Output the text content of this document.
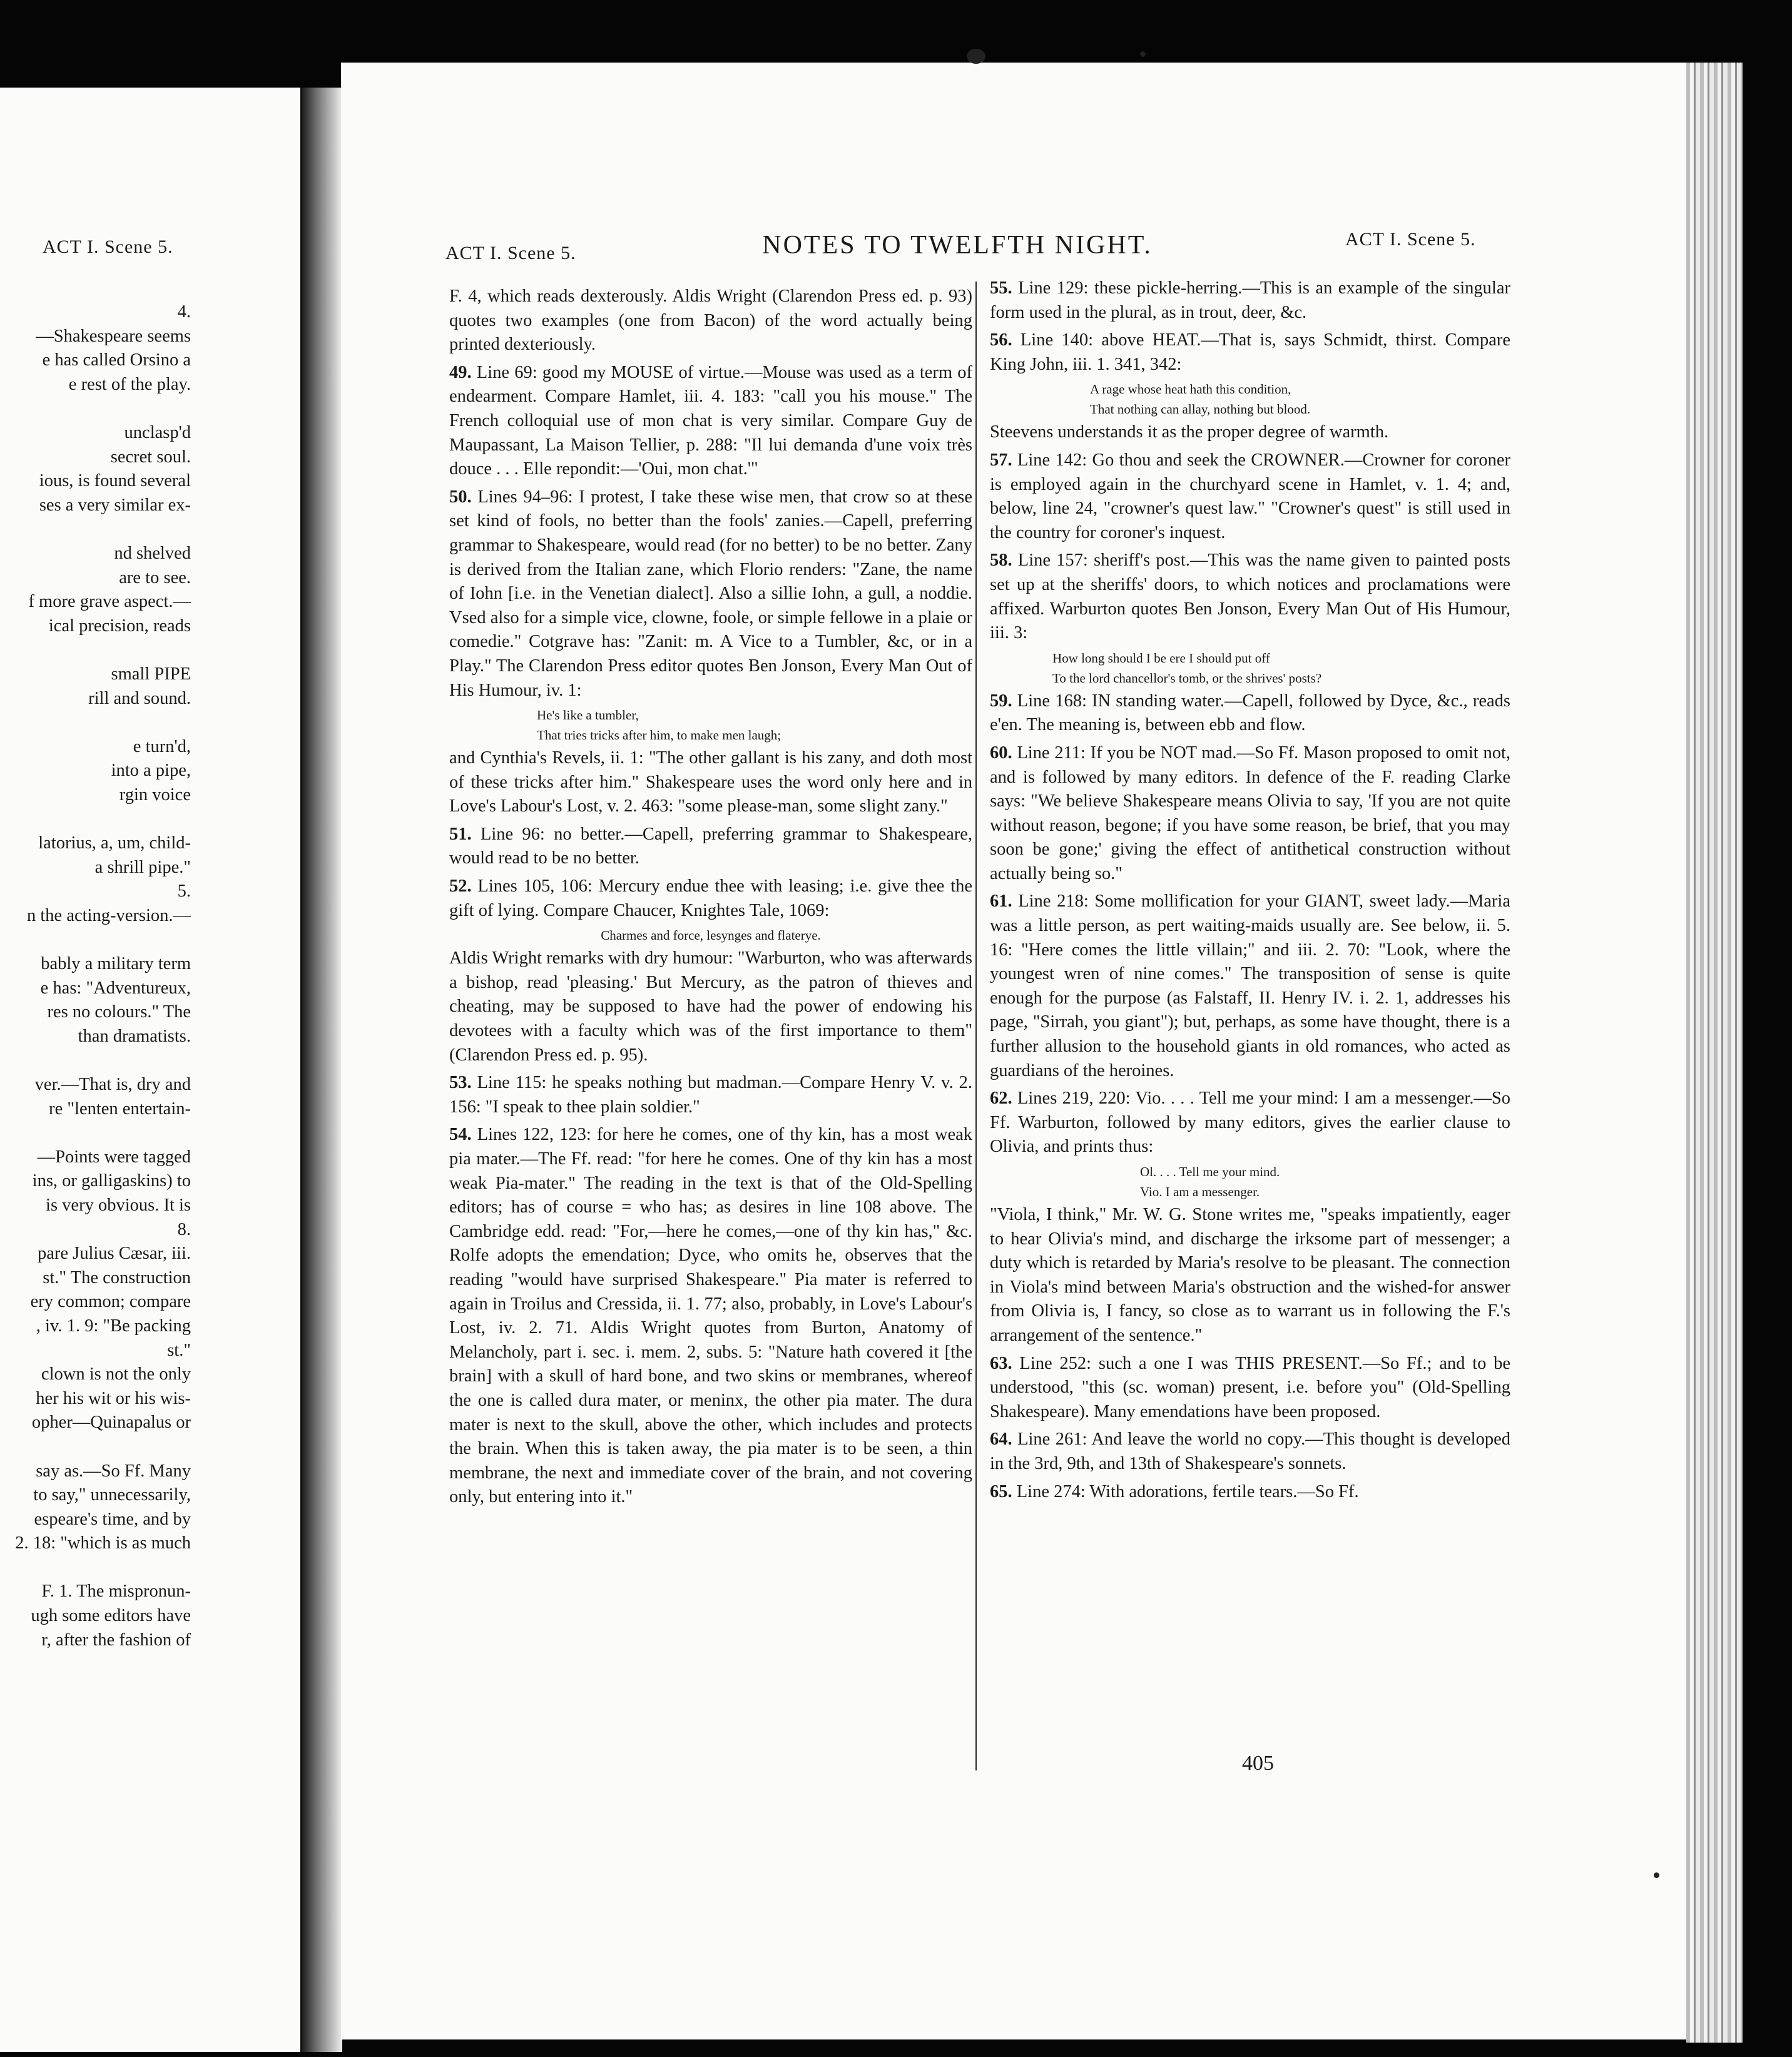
ACT I. Scene 5.
4.
—Shakespeare seems
e has called Orsino a
e rest of the play.

unclasp'd
secret soul.
ious, is found several
ses a very similar ex-

nd shelved
are to see.
f more grave aspect.—
ical precision, reads

small PIPE
rill and sound.

e turn'd,
into a pipe,
rgin voice

latorius, a, um, child-
a shrill pipe."
5.
n the acting-version.—

bably a military term
e has: "Adventureux,
res no colours." The
than dramatists.

ver.—That is, dry and
re "lenten entertain-

—Points were tagged
ins, or galligaskins) to
is very obvious. It is
8.
pare Julius Cæsar, iii.
st." The construction
ery common; compare
, iv. 1. 9: "Be packing
st."
clown is not the only
her his wit or his wis-
opher—Quinapalus or

say as.—So Ff. Many
to say," unnecessarily,
espeare's time, and by
2. 18: "which is as much

F. 1. The mispronun-
ugh some editors have
r, after the fashion of
ACT I. Scene 5.	NOTES TO TWELFTH NIGHT.	ACT I. Scene 5.

F. 4, which reads dexterously. Aldis Wright (Clarendon Press ed. p. 93) quotes two examples (one from Bacon) of the word actually being printed dexteriously.

49. Line 69: good my MOUSE of virtue.—Mouse was used as a term of endearment. Compare Hamlet, iii. 4. 183: "call you his mouse." The French colloquial use of mon chat is very similar. Compare Guy de Maupassant, La Maison Tellier, p. 288: "Il lui demanda d'une voix très douce . . . Elle repondit:—'Oui, mon chat.'"

50. Lines 94–96: I protest, I take these wise men, that crow so at these set kind of fools, no better than the fools' zanies.—Capell, preferring grammar to Shakespeare, would read (for no better) to be no better. Zany is derived from the Italian zane, which Florio renders: "Zane, the name of Iohn [i.e. in the Venetian dialect]. Also a sillie Iohn, a gull, a noddie. Vsed also for a simple vice, clowne, foole, or simple fellowe in a plaie or comedie." Cotgrave has: "Zanit: m. A Vice to a Tumbler, &c, or in a Play." The Clarendon Press editor quotes Ben Jonson, Every Man Out of His Humour, iv. 1:

He's like a tumbler,
That tries tricks after him, to make men laugh;

and Cynthia's Revels, ii. 1: "The other gallant is his zany, and doth most of these tricks after him." Shakespeare uses the word only here and in Love's Labour's Lost, v. 2. 463: "some please-man, some slight zany."

51. Line 96: no better.—Capell, preferring grammar to Shakespeare, would read to be no better.

52. Lines 105, 106: Mercury endue thee with leasing; i.e. give thee the gift of lying. Compare Chaucer, Knightes Tale, 1069:

Charmes and force, lesynges and flaterye.

Aldis Wright remarks with dry humour: "Warburton, who was afterwards a bishop, read 'pleasing.' But Mercury, as the patron of thieves and cheating, may be supposed to have had the power of endowing his devotees with a faculty which was of the first importance to them" (Clarendon Press ed. p. 95).

53. Line 115: he speaks nothing but madman.—Compare Henry V. v. 2. 156: "I speak to thee plain soldier."

54. Lines 122, 123: for here he comes, one of thy kin, has a most weak pia mater.—The Ff. read: "for here he comes. One of thy kin has a most weak Pia-mater." The reading in the text is that of the Old-Spelling editors; has of course = who has; as desires in line 108 above. The Cambridge edd. read: "For,—here he comes,—one of thy kin has," &c. Rolfe adopts the emendation; Dyce, who omits he, observes that the reading "would have surprised Shakespeare." Pia mater is referred to again in Troilus and Cressida, ii. 1. 77; also, probably, in Love's Labour's Lost, iv. 2. 71. Aldis Wright quotes from Burton, Anatomy of Melancholy, part i. sec. i. mem. 2, subs. 5: "Nature hath covered it [the brain] with a skull of hard bone, and two skins or membranes, whereof the one is called dura mater, or meninx, the other pia mater. The dura mater is next to the skull, above the other, which includes and protects the brain. When this is taken away, the pia mater is to be seen, a thin membrane, the next and immediate cover of the brain, and not covering only, but entering into it."

55. Line 129: these pickle-herring.—This is an example of the singular form used in the plural, as in trout, deer, &c.

56. Line 140: above HEAT.—That is, says Schmidt, thirst. Compare King John, iii. 1. 341, 342:

A rage whose heat hath this condition,
That nothing can allay, nothing but blood.

Steevens understands it as the proper degree of warmth.

57. Line 142: Go thou and seek the CROWNER.—Crowner for coroner is employed again in the churchyard scene in Hamlet, v. 1. 4; and, below, line 24, "crowner's quest law." "Crowner's quest" is still used in the country for coroner's inquest.

58. Line 157: sheriff's post.—This was the name given to painted posts set up at the sheriffs' doors, to which notices and proclamations were affixed. Warburton quotes Ben Jonson, Every Man Out of His Humour, iii. 3:

How long should I be ere I should put off
To the lord chancellor's tomb, or the shrives' posts?

59. Line 168: IN standing water.—Capell, followed by Dyce, &c., reads e'en. The meaning is, between ebb and flow.

60. Line 211: If you be NOT mad.—So Ff. Mason proposed to omit not, and is followed by many editors. In defence of the F. reading Clarke says: "We believe Shakespeare means Olivia to say, 'If you are not quite without reason, begone; if you have some reason, be brief, that you may soon be gone;' giving the effect of antithetical construction without actually being so."

61. Line 218: Some mollification for your GIANT, sweet lady.—Maria was a little person, as pert waiting-maids usually are. See below, ii. 5. 16: "Here comes the little villain;" and iii. 2. 70: "Look, where the youngest wren of nine comes." The transposition of sense is quite enough for the purpose (as Falstaff, II. Henry IV. i. 2. 1, addresses his page, "Sirrah, you giant"); but, perhaps, as some have thought, there is a further allusion to the household giants in old romances, who acted as guardians of the heroines.

62. Lines 219, 220: Vio. . . . Tell me your mind: I am a messenger.—So Ff. Warburton, followed by many editors, gives the earlier clause to Olivia, and prints thus:

Ol. . . . Tell me your mind.
Vio. I am a messenger.

"Viola, I think," Mr. W. G. Stone writes me, "speaks impatiently, eager to hear Olivia's mind, and discharge the irksome part of messenger; a duty which is retarded by Maria's resolve to be pleasant. The connection in Viola's mind between Maria's obstruction and the wished-for answer from Olivia is, I fancy, so close as to warrant us in following the F.'s arrangement of the sentence."

63. Line 252: such a one I was THIS PRESENT.—So Ff.; and to be understood, "this (sc. woman) present, i.e. before you" (Old-Spelling Shakespeare). Many emendations have been proposed.

64. Line 261: And leave the world no copy.—This thought is developed in the 3rd, 9th, and 13th of Shakespeare's sonnets.

65. Line 274: With adorations, fertile tears.—So Ff.

405
